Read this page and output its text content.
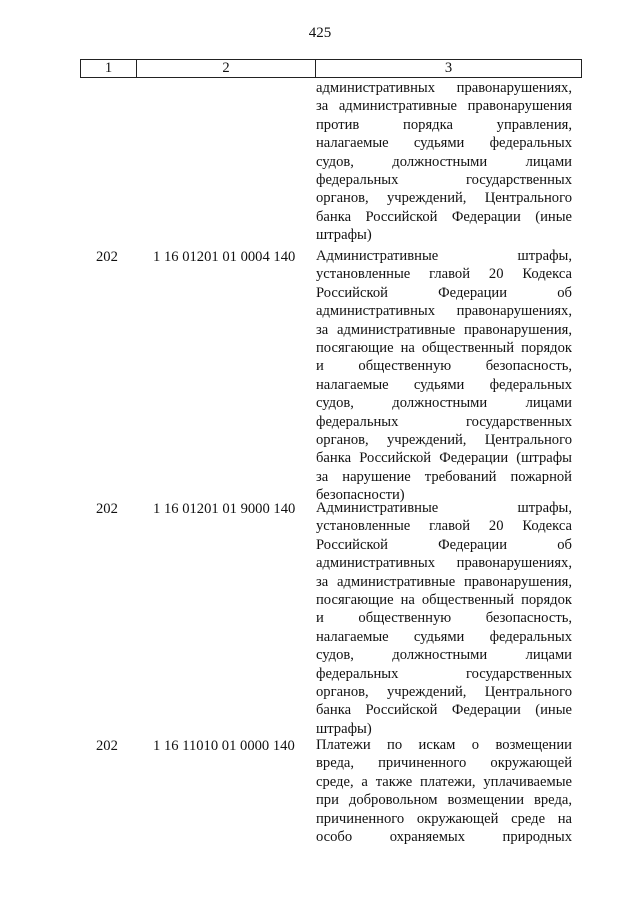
425
1	2	3
административных правонарушениях,
за административные правонарушения
против порядка управления,
налагаемые судьями федеральных
судов, должностными лицами
федеральных государственных
органов, учреждений, Центрального
банка Российской Федерации (иные
штрафы)
202 1 16 01201 01 0004 140 Административные штрафы,
установленные главой 20 Кодекса
Российской Федерации об
административных правонарушениях,
за административные правонарушения,
посягающие на общественный порядок
и общественную безопасность,
налагаемые судьями федеральных
судов, должностными лицами
федеральных государственных
органов, учреждений, Центрального
банка Российской Федерации (штрафы
за нарушение требований пожарной
безопасности)
202 1 16 01201 01 9000 140 Административные штрафы,
установленные главой 20 Кодекса
Российской Федерации об
административных правонарушениях,
за административные правонарушения,
посягающие на общественный порядок
и общественную безопасность,
налагаемые судьями федеральных
судов, должностными лицами
федеральных государственных
органов, учреждений, Центрального
банка Российской Федерации (иные
штрафы)
202 1 16 11010 01 0000 140 Платежи по искам о возмещении
вреда, причиненного окружающей
среде, а также платежи, уплачиваемые
при добровольном возмещении вреда,
причиненного окружающей среде на
особо охраняемых природных
